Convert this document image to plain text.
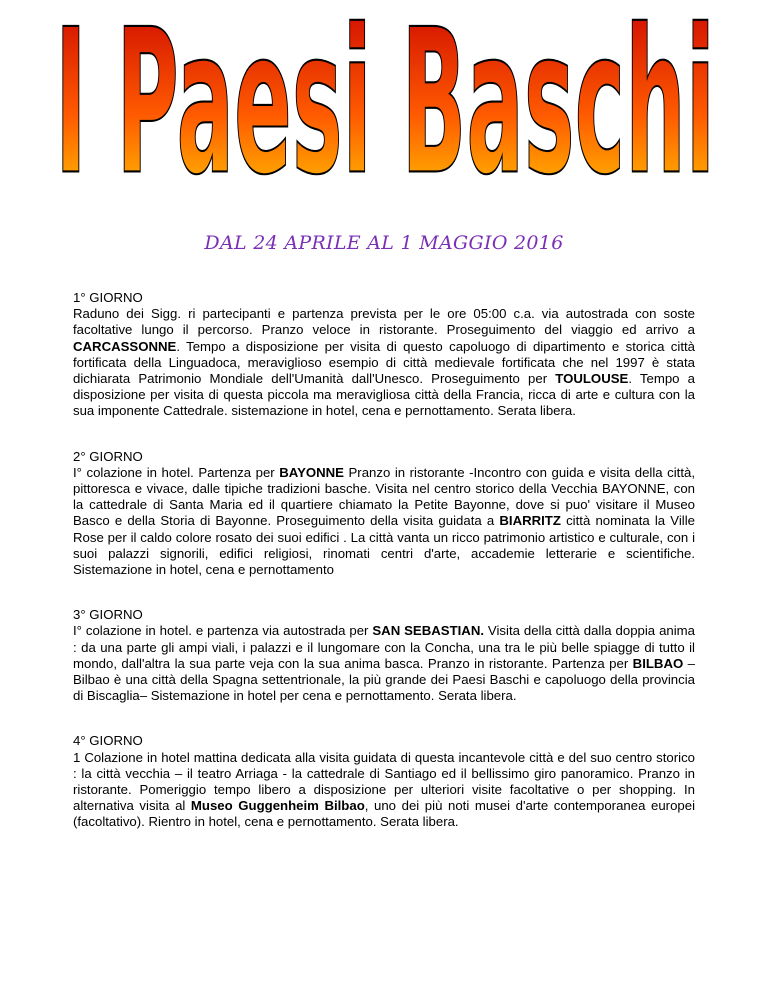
I Paesi Baschi
DAL 24 APRILE AL 1 MAGGIO 2016

1° GIORNO
Raduno dei Sigg. ri partecipanti e partenza prevista per le ore 05:00 c.a. via autostrada con soste facoltative lungo il percorso. Pranzo veloce in ristorante. Proseguimento del viaggio ed arrivo a CARCASSONNE. Tempo a disposizione per visita di questo capoluogo di dipartimento e storica città fortificata della Linguadoca, meraviglioso esempio di città medievale fortificata che nel 1997 è stata dichiarata Patrimonio Mondiale dell'Umanità dall'Unesco. Proseguimento per TOULOUSE. Tempo a disposizione per visita di questa piccola ma meravigliosa città della Francia, ricca di arte e cultura con la sua imponente Cattedrale. sistemazione in hotel, cena e pernottamento. Serata libera.

2° GIORNO
I° colazione in hotel. Partenza per BAYONNE Pranzo in ristorante -Incontro con guida e visita della città, pittoresca e vivace, dalle tipiche tradizioni basche. Visita nel centro storico della Vecchia BAYONNE, con la cattedrale di Santa Maria ed il quartiere chiamato la Petite Bayonne, dove si puo' visitare il Museo Basco e della Storia di Bayonne. Proseguimento della visita guidata a BIARRITZ città nominata la Ville Rose per il caldo colore rosato dei suoi edifici . La città vanta un ricco patrimonio artistico e culturale, con i suoi palazzi signorili, edifici religiosi, rinomati centri d'arte, accademie letterarie e scientifiche. Sistemazione in hotel, cena e pernottamento

3° GIORNO
I° colazione in hotel. e partenza via autostrada per SAN SEBASTIAN. Visita della città dalla doppia anima : da una parte gli ampi viali, i palazzi e il lungomare con la Concha, una tra le più belle spiagge di tutto il mondo, dall'altra la sua parte veja con la sua anima basca. Pranzo in ristorante. Partenza per BILBAO –Bilbao è una città della Spagna settentrionale, la più grande dei Paesi Baschi e capoluogo della provincia di Biscaglia– Sistemazione in hotel per cena e pernottamento. Serata libera.

4° GIORNO
1 Colazione in hotel mattina dedicata alla visita guidata di questa incantevole città e del suo centro storico : la città vecchia – il teatro Arriaga - la cattedrale di Santiago ed il bellissimo giro panoramico. Pranzo in ristorante. Pomeriggio tempo libero a disposizione per ulteriori visite facoltative o per shopping. In alternativa visita al Museo Guggenheim Bilbao, uno dei più noti musei d'arte contemporanea europei (facoltativo). Rientro in hotel, cena e pernottamento. Serata libera.
